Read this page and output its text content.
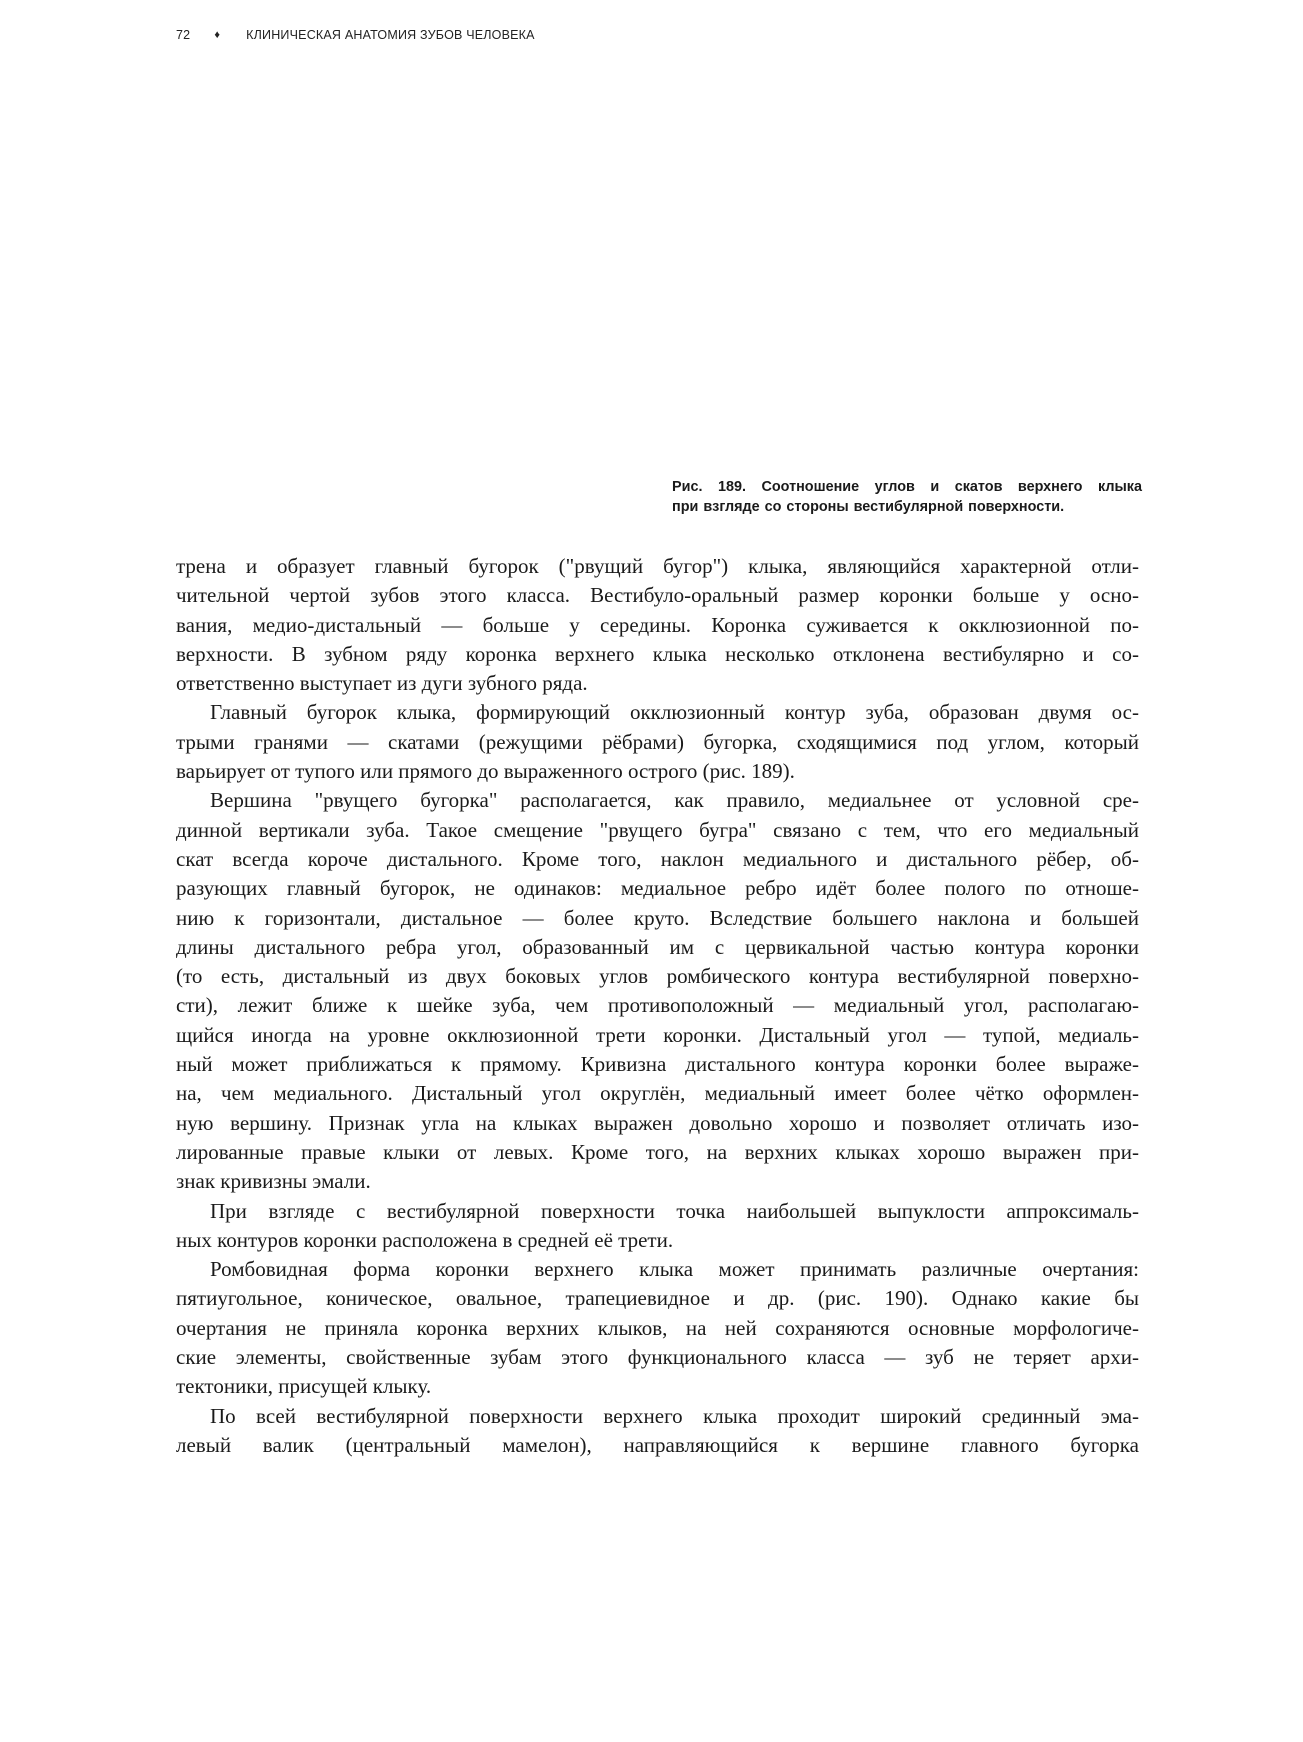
72 ♦ КЛИНИЧЕСКАЯ АНАТОМИЯ ЗУБОВ ЧЕЛОВЕКА
Рис. 189. Соотношение углов и скатов верхнего клыка
при взгляде со стороны вестибулярной поверхности.
трена и образует главный бугорок ("рвущий бугор") клыка, являющийся характерной отли-
чительной чертой зубов этого класса. Вестибуло-оральный размер коронки больше у осно-
вания, медио-дистальный — больше у середины. Коронка суживается к окклюзионной по-
верхности. В зубном ряду коронка верхнего клыка несколько отклонена вестибулярно и со-
ответственно выступает из дуги зубного ряда.
Главный бугорок клыка, формирующий окклюзионный контур зуба, образован двумя ос-
трыми гранями — скатами (режущими рёбрами) бугорка, сходящимися под углом, который
варьирует от тупого или прямого до выраженного острого (рис. 189).
Вершина "рвущего бугорка" располагается, как правило, медиальнее от условной сре-
динной вертикали зуба. Такое смещение "рвущего бугра" связано с тем, что его медиальный
скат всегда короче дистального. Кроме того, наклон медиального и дистального рёбер, об-
разующих главный бугорок, не одинаков: медиальное ребро идёт более полого по отноше-
нию к горизонтали, дистальное — более круто. Вследствие большего наклона и большей
длины дистального ребра угол, образованный им с цервикальной частью контура коронки
(то есть, дистальный из двух боковых углов ромбического контура вестибулярной поверхно-
сти), лежит ближе к шейке зуба, чем противоположный — медиальный угол, располагаю-
щийся иногда на уровне окклюзионной трети коронки. Дистальный угол — тупой, медиаль-
ный может приближаться к прямому. Кривизна дистального контура коронки более выраже-
на, чем медиального. Дистальный угол округлён, медиальный имеет более чётко оформлен-
ную вершину. Признак угла на клыках выражен довольно хорошо и позволяет отличать изо-
лированные правые клыки от левых. Кроме того, на верхних клыках хорошо выражен при-
знак кривизны эмали.
При взгляде с вестибулярной поверхности точка наибольшей выпуклости аппроксималь-
ных контуров коронки расположена в средней её трети.
Ромбовидная форма коронки верхнего клыка может принимать различные очертания:
пятиугольное, коническое, овальное, трапециевидное и др. (рис. 190). Однако какие бы
очертания не приняла коронка верхних клыков, на ней сохраняются основные морфологиче-
ские элементы, свойственные зубам этого функционального класса — зуб не теряет архи-
тектоники, присущей клыку.
По всей вестибулярной поверхности верхнего клыка проходит широкий срединный эма-
левый валик (центральный мамелон), направляющийся к вершине главного бугорка
